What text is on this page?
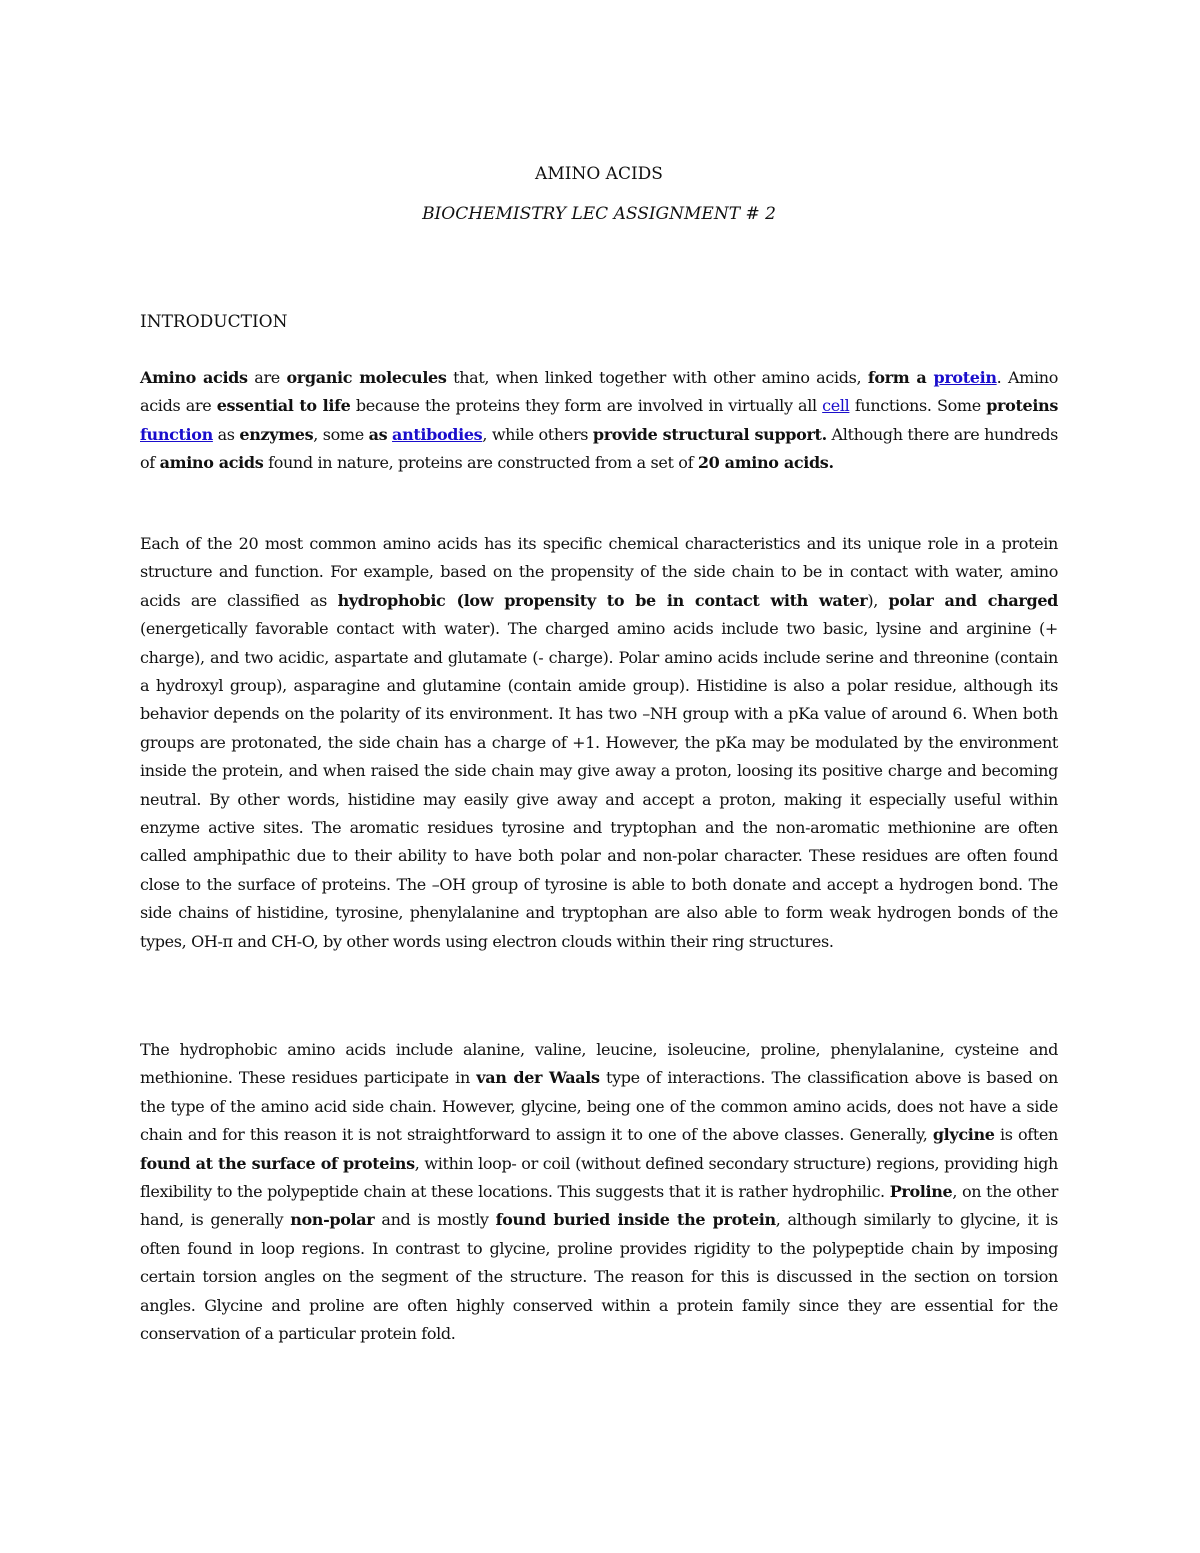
AMINO ACIDS

BIOCHEMISTRY LEC ASSIGNMENT # 2

INTRODUCTION

Amino acids are organic molecules that, when linked together with other amino acids, form a protein. Amino acids are essential to life because the proteins they form are involved in virtually all cell functions. Some proteins function as enzymes, some as antibodies, while others provide structural support. Although there are hundreds of amino acids found in nature, proteins are constructed from a set of 20 amino acids.

Each of the 20 most common amino acids has its specific chemical characteristics and its unique role in a protein structure and function. For example, based on the propensity of the side chain to be in contact with water, amino acids are classified as hydrophobic (low propensity to be in contact with water), polar and charged (energetically favorable contact with water). The charged amino acids include two basic, lysine and arginine (+ charge), and two acidic, aspartate and glutamate (- charge). Polar amino acids include serine and threonine (contain a hydroxyl group), asparagine and glutamine (contain amide group). Histidine is also a polar residue, although its behavior depends on the polarity of its environment. It has two –NH group with a pKa value of around 6. When both groups are protonated, the side chain has a charge of +1. However, the pKa may be modulated by the environment inside the protein, and when raised the side chain may give away a proton, loosing its positive charge and becoming neutral. By other words, histidine may easily give away and accept a proton, making it especially useful within enzyme active sites. The aromatic residues tyrosine and tryptophan and the non-aromatic methionine are often called amphipathic due to their ability to have both polar and non-polar character. These residues are often found close to the surface of proteins. The –OH group of tyrosine is able to both donate and accept a hydrogen bond. The side chains of histidine, tyrosine, phenylalanine and tryptophan are also able to form weak hydrogen bonds of the types, OH-π and CH-O, by other words using electron clouds within their ring structures.

The hydrophobic amino acids include alanine, valine, leucine, isoleucine, proline, phenylalanine, cysteine and methionine. These residues participate in van der Waals type of interactions. The classification above is based on the type of the amino acid side chain. However, glycine, being one of the common amino acids, does not have a side chain and for this reason it is not straightforward to assign it to one of the above classes. Generally, glycine is often found at the surface of proteins, within loop- or coil (without defined secondary structure) regions, providing high flexibility to the polypeptide chain at these locations. This suggests that it is rather hydrophilic. Proline, on the other hand, is generally non-polar and is mostly found buried inside the protein, although similarly to glycine, it is often found in loop regions. In contrast to glycine, proline provides rigidity to the polypeptide chain by imposing certain torsion angles on the segment of the structure. The reason for this is discussed in the section on torsion angles. Glycine and proline are often highly conserved within a protein family since they are essential for the conservation of a particular protein fold.
